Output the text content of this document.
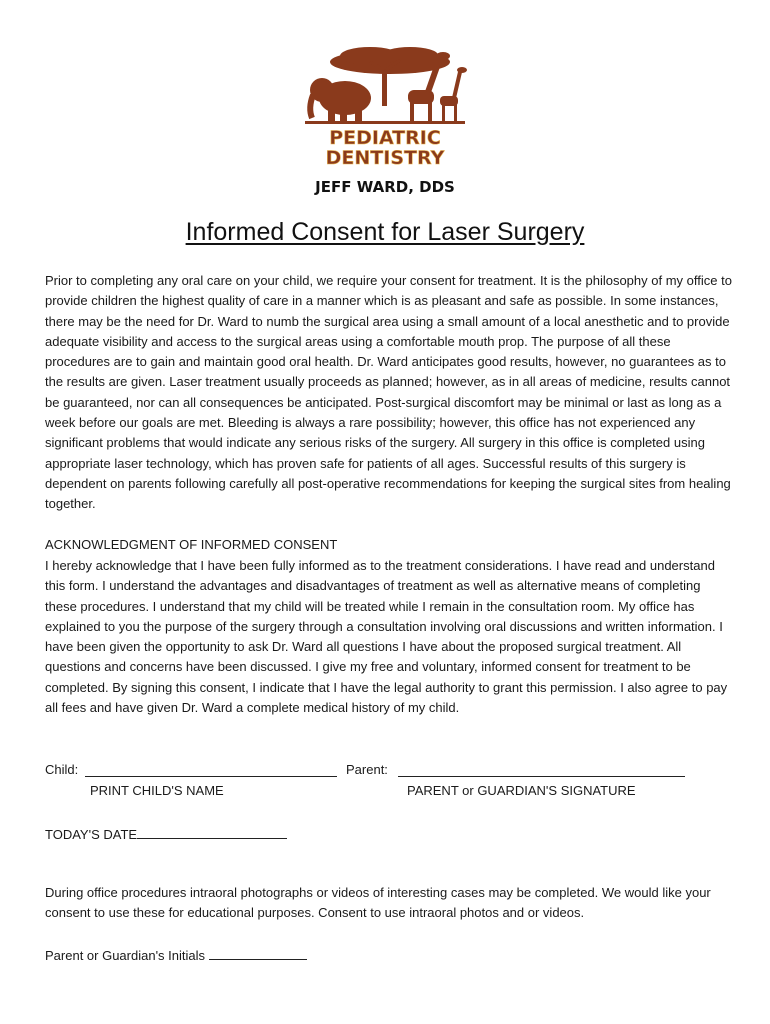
PEDIATRIC
DENTISTRY
JEFF WARD, DDS
Informed Consent for Laser Surgery

Prior to completing any oral care on your child, we require your consent for treatment. It is the philosophy of my office to provide children the highest quality of care in a manner which is as pleasant and safe as possible. In some instances, there may be the need for Dr. Ward to numb the surgical area using a small amount of a local anesthetic and to provide adequate visibility and access to the surgical areas using a comfortable mouth prop. The purpose of all these procedures are to gain and maintain good oral health. Dr. Ward anticipates good results, however, no guarantees as to the results are given. Laser treatment usually proceeds as planned; however, as in all areas of medicine, results cannot be guaranteed, nor can all consequences be anticipated. Post-surgical discomfort may be minimal or last as long as a week before our goals are met. Bleeding is always a rare possibility; however, this office has not experienced any significant problems that would indicate any serious risks of the surgery. All surgery in this office is completed using appropriate laser technology, which has proven safe for patients of all ages. Successful results of this surgery is dependent on parents following carefully all post-operative recommendations for keeping the surgical sites from healing together.

ACKNOWLEDGMENT OF INFORMED CONSENT

I hereby acknowledge that I have been fully informed as to the treatment considerations. I have read and understand this form. I understand the advantages and disadvantages of treatment as well as alternative means of completing these procedures. I understand that my child will be treated while I remain in the consultation room. My office has explained to you the purpose of the surgery through a consultation involving oral discussions and written information. I have been given the opportunity to ask Dr. Ward all questions I have about the proposed surgical treatment. All questions and concerns have been discussed. I give my free and voluntary, informed consent for treatment to be completed. By signing this consent, I indicate that I have the legal authority to grant this permission. I also agree to pay all fees and have given Dr. Ward a complete medical history of my child.

Child:	Parent:
PRINT CHILD'S NAME	PARENT or GUARDIAN'S SIGNATURE
TODAY'S DATE

During office procedures intraoral photographs or videos of interesting cases may be completed. We would like your consent to use these for educational purposes. Consent to use intraoral photos and or videos.

Parent or Guardian's Initials
